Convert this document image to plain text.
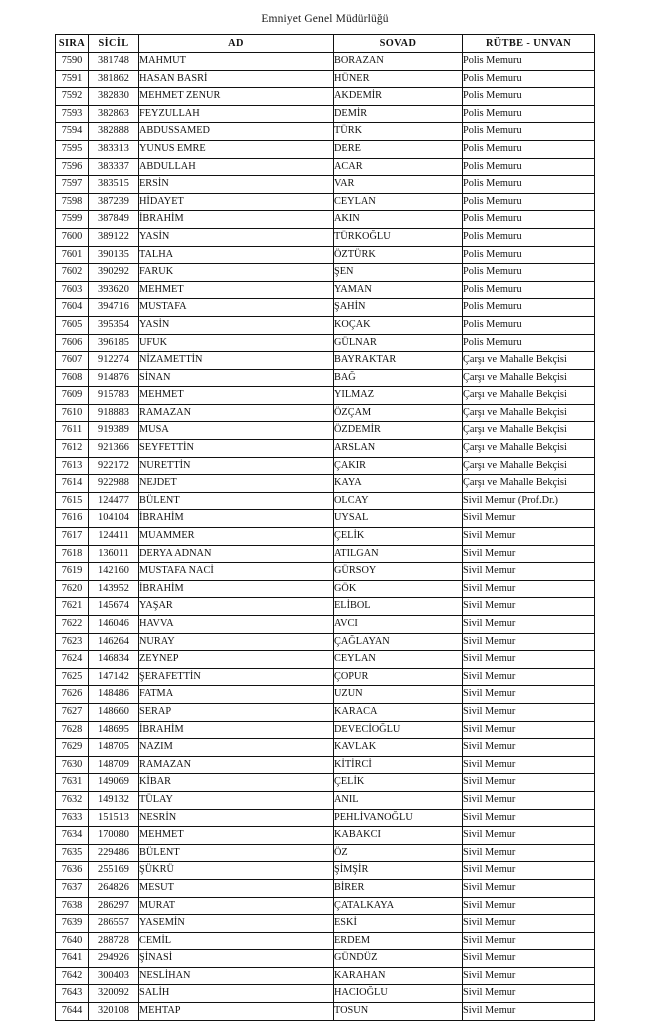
Emniyet Genel Müdürlüğü
SIRA	SİCİL	AD	SOVAD	RÜTBE - UNVAN
7590	381748	MAHMUT	BORAZAN	Polis Memuru
7591	381862	HASAN BASRİ	HÜNER	Polis Memuru
7592	382830	MEHMET ZENUR	AKDEMİR	Polis Memuru
7593	382863	FEYZULLAH	DEMİR	Polis Memuru
7594	382888	ABDUSSAMED	TÜRK	Polis Memuru
7595	383313	YUNUS EMRE	DERE	Polis Memuru
7596	383337	ABDULLAH	ACAR	Polis Memuru
7597	383515	ERSİN	VAR	Polis Memuru
7598	387239	HİDAYET	CEYLAN	Polis Memuru
7599	387849	İBRAHİM	AKIN	Polis Memuru
7600	389122	YASİN	TÜRKOĞLU	Polis Memuru
7601	390135	TALHA	ÖZTÜRK	Polis Memuru
7602	390292	FARUK	ŞEN	Polis Memuru
7603	393620	MEHMET	YAMAN	Polis Memuru
7604	394716	MUSTAFA	ŞAHİN	Polis Memuru
7605	395354	YASİN	KOÇAK	Polis Memuru
7606	396185	UFUK	GÜLNAR	Polis Memuru
7607	912274	NİZAMETTİN	BAYRAKTAR	Çarşı ve Mahalle Bekçisi
7608	914876	SİNAN	BAĞ	Çarşı ve Mahalle Bekçisi
7609	915783	MEHMET	YILMAZ	Çarşı ve Mahalle Bekçisi
7610	918883	RAMAZAN	ÖZÇAM	Çarşı ve Mahalle Bekçisi
7611	919389	MUSA	ÖZDEMİR	Çarşı ve Mahalle Bekçisi
7612	921366	SEYFETTİN	ARSLAN	Çarşı ve Mahalle Bekçisi
7613	922172	NURETTİN	ÇAKIR	Çarşı ve Mahalle Bekçisi
7614	922988	NEJDET	KAYA	Çarşı ve Mahalle Bekçisi
7615	124477	BÜLENT	OLCAY	Sivil Memur (Prof.Dr.)
7616	104104	İBRAHİM	UYSAL	Sivil Memur
7617	124411	MUAMMER	ÇELİK	Sivil Memur
7618	136011	DERYA ADNAN	ATILGAN	Sivil Memur
7619	142160	MUSTAFA NACİ	GÜRSOY	Sivil Memur
7620	143952	İBRAHİM	GÖK	Sivil Memur
7621	145674	YAŞAR	ELİBOL	Sivil Memur
7622	146046	HAVVA	AVCI	Sivil Memur
7623	146264	NURAY	ÇAĞLAYAN	Sivil Memur
7624	146834	ZEYNEP	CEYLAN	Sivil Memur
7625	147142	ŞERAFETTİN	ÇOPUR	Sivil Memur
7626	148486	FATMA	UZUN	Sivil Memur
7627	148660	SERAP	KARACA	Sivil Memur
7628	148695	İBRAHİM	DEVECİOĞLU	Sivil Memur
7629	148705	NAZIM	KAVLAK	Sivil Memur
7630	148709	RAMAZAN	KİTİRCİ	Sivil Memur
7631	149069	KİBAR	ÇELİK	Sivil Memur
7632	149132	TÜLAY	ANIL	Sivil Memur
7633	151513	NESRİN	PEHLİVANOĞLU	Sivil Memur
7634	170080	MEHMET	KABAKCI	Sivil Memur
7635	229486	BÜLENT	ÖZ	Sivil Memur
7636	255169	ŞÜKRÜ	ŞİMŞİR	Sivil Memur
7637	264826	MESUT	BİRER	Sivil Memur
7638	286297	MURAT	ÇATALKAYA	Sivil Memur
7639	286557	YASEMİN	ESKİ	Sivil Memur
7640	288728	CEMİL	ERDEM	Sivil Memur
7641	294926	ŞİNASİ	GÜNDÜZ	Sivil Memur
7642	300403	NESLİHAN	KARAHAN	Sivil Memur
7643	320092	SALİH	HACIOĞLU	Sivil Memur
7644	320108	MEHTAP	TOSUN	Sivil Memur
